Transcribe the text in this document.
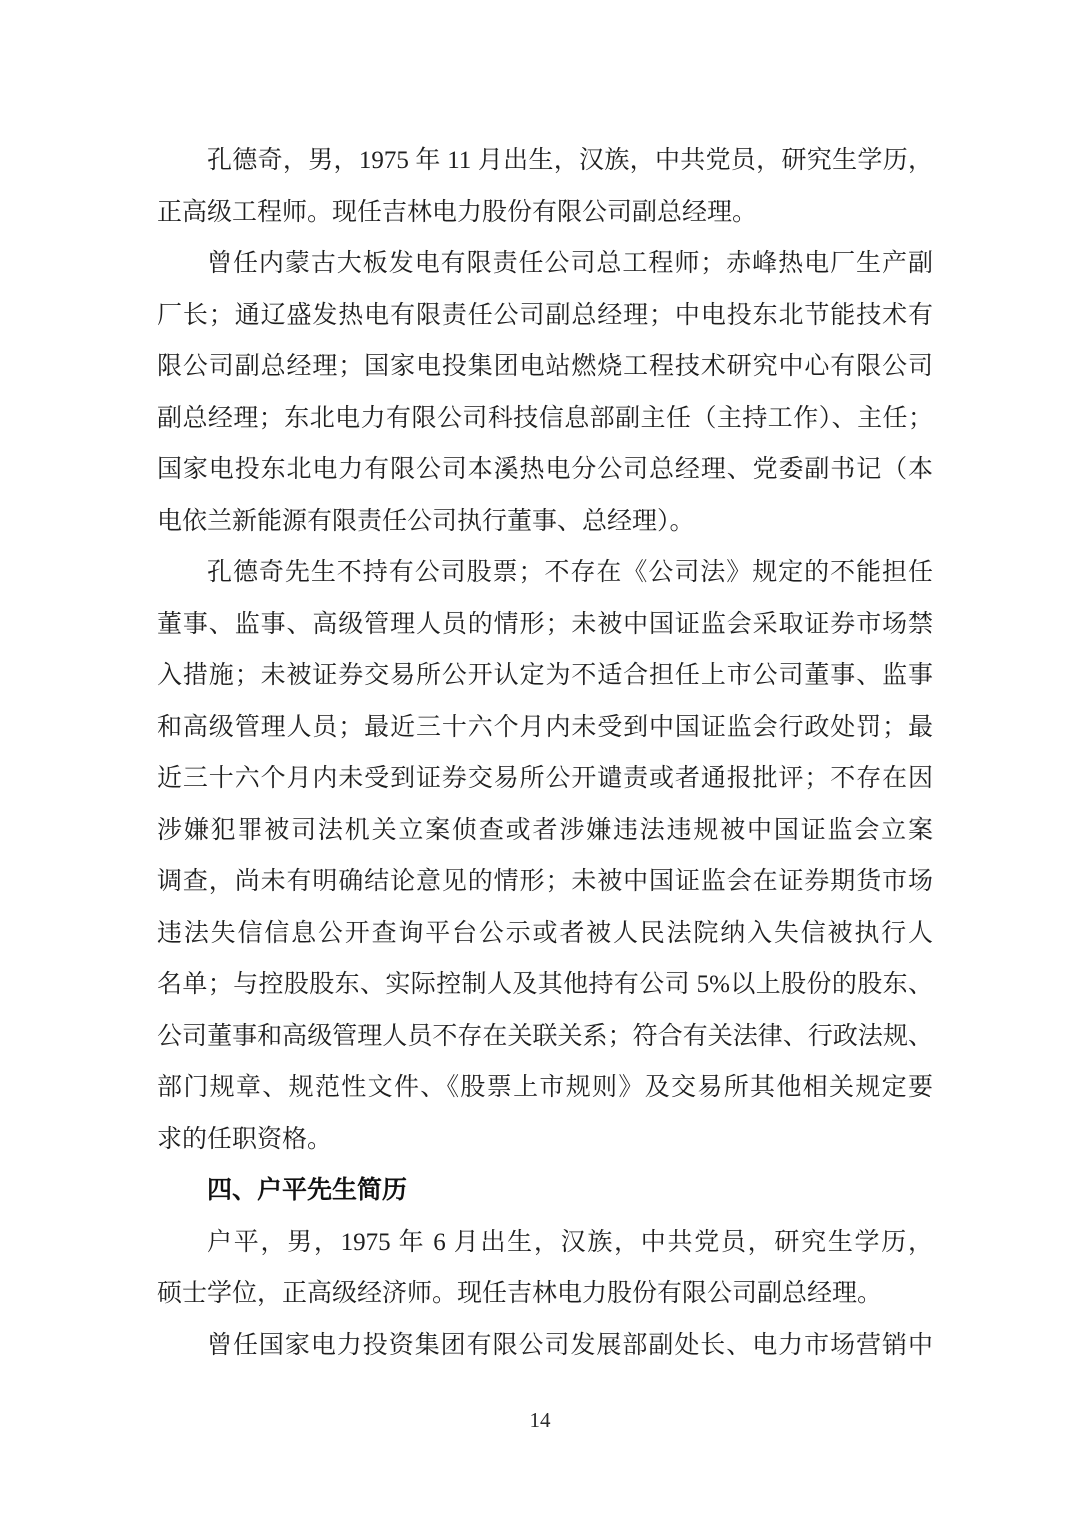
孔德奇，男，1975 年 11 月出生，汉族，中共党员，研究生学历，
正高级工程师。现任吉林电力股份有限公司副总经理。
曾任内蒙古大板发电有限责任公司总工程师；赤峰热电厂生产副
厂长；通辽盛发热电有限责任公司副总经理；中电投东北节能技术有
限公司副总经理；国家电投集团电站燃烧工程技术研究中心有限公司
副总经理；东北电力有限公司科技信息部副主任（主持工作）、主任；
国家电投东北电力有限公司本溪热电分公司总经理、党委副书记（本
电依兰新能源有限责任公司执行董事、总经理）。
孔德奇先生不持有公司股票；不存在《公司法》规定的不能担任
董事、监事、高级管理人员的情形；未被中国证监会采取证券市场禁
入措施；未被证券交易所公开认定为不适合担任上市公司董事、监事
和高级管理人员；最近三十六个月内未受到中国证监会行政处罚；最
近三十六个月内未受到证券交易所公开谴责或者通报批评；不存在因
涉嫌犯罪被司法机关立案侦查或者涉嫌违法违规被中国证监会立案
调查，尚未有明确结论意见的情形；未被中国证监会在证券期货市场
违法失信信息公开查询平台公示或者被人民法院纳入失信被执行人
名单；与控股股东、实际控制人及其他持有公司 5%以上股份的股东、
公司董事和高级管理人员不存在关联关系；符合有关法律、行政法规、
部门规章、规范性文件、《股票上市规则》及交易所其他相关规定要
求的任职资格。
四、户平先生简历
户平，男，1975 年 6 月出生，汉族，中共党员，研究生学历，
硕士学位，正高级经济师。现任吉林电力股份有限公司副总经理。
曾任国家电力投资集团有限公司发展部副处长、电力市场营销中
14
